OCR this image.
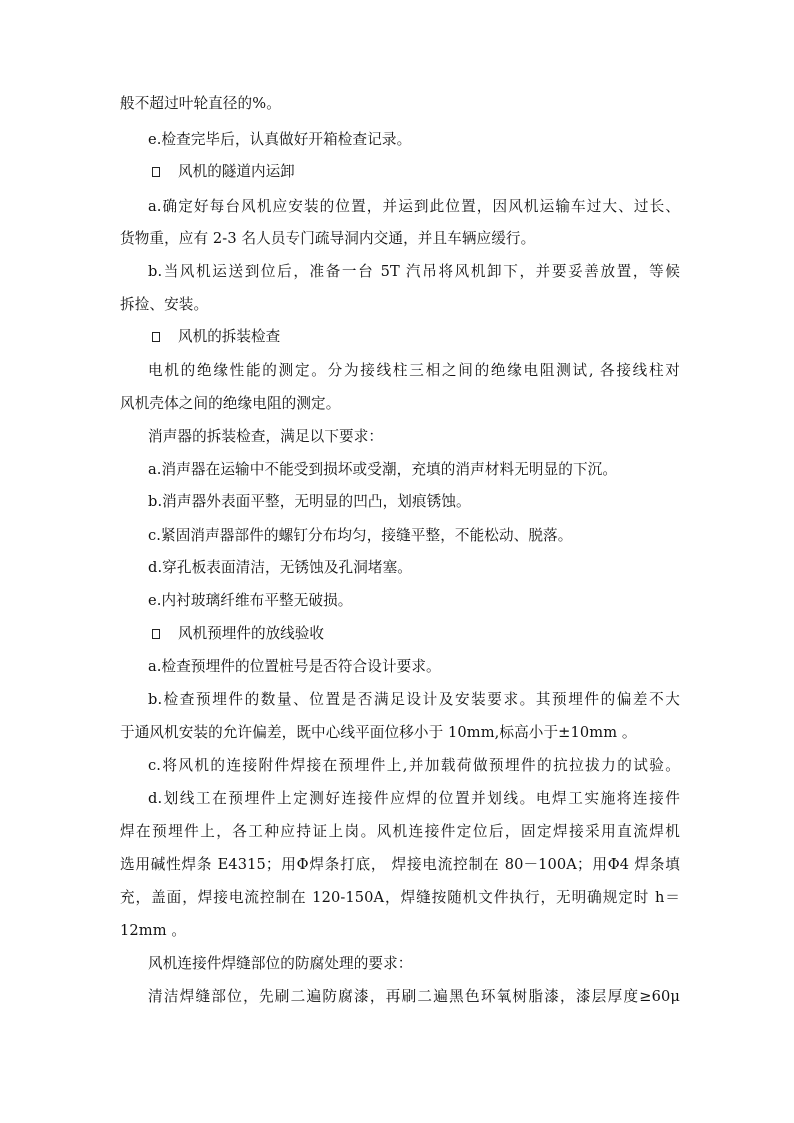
般不超过叶轮直径的%。
e.检查完毕后，认真做好开箱检查记录。
风机的隧道内运卸
a.确定好每台风机应安装的位置，并运到此位置，因风机运输车过大、过长、
货物重，应有 2-3 名人员专门疏导洞内交通，并且车辆应缓行。
b.当风机运送到位后，准备一台 5T 汽吊将风机卸下，并要妥善放置，等候
拆捡、安装。
风机的拆装检查
电机的绝缘性能的测定。分为接线柱三相之间的绝缘电阻测试, 各接线柱对
风机壳体之间的绝缘电阻的测定。
消声器的拆装检查，满足以下要求：
a.消声器在运输中不能受到损坏或受潮，充填的消声材料无明显的下沉。
b.消声器外表面平整，无明显的凹凸，划痕锈蚀。
c.紧固消声器部件的螺钉分布均匀，接缝平整，不能松动、脱落。
d.穿孔板表面清洁，无锈蚀及孔洞堵塞。
e.内衬玻璃纤维布平整无破损。
风机预埋件的放线验收
a.检查预埋件的位置桩号是否符合设计要求。
b.检查预埋件的数量、位置是否满足设计及安装要求。其预埋件的偏差不大
于通风机安装的允许偏差，既中心线平面位移小于 10mm,标高小于±10mm 。
c.将风机的连接附件焊接在预埋件上,并加载荷做预埋件的抗拉拔力的试验。
d.划线工在预埋件上定测好连接件应焊的位置并划线。电焊工实施将连接件
焊在预埋件上，各工种应持证上岗。风机连接件定位后，固定焊接采用直流焊机
选用碱性焊条 E4315；用Φ焊条打底， 焊接电流控制在 80－100A；用Φ4 焊条填
充，盖面，焊接电流控制在 120-150A，焊缝按随机文件执行，无明确规定时 h＝
12mm 。
风机连接件焊缝部位的防腐处理的要求：
清洁焊缝部位，先刷二遍防腐漆，再刷二遍黑色环氧树脂漆，漆层厚度≥60μ
